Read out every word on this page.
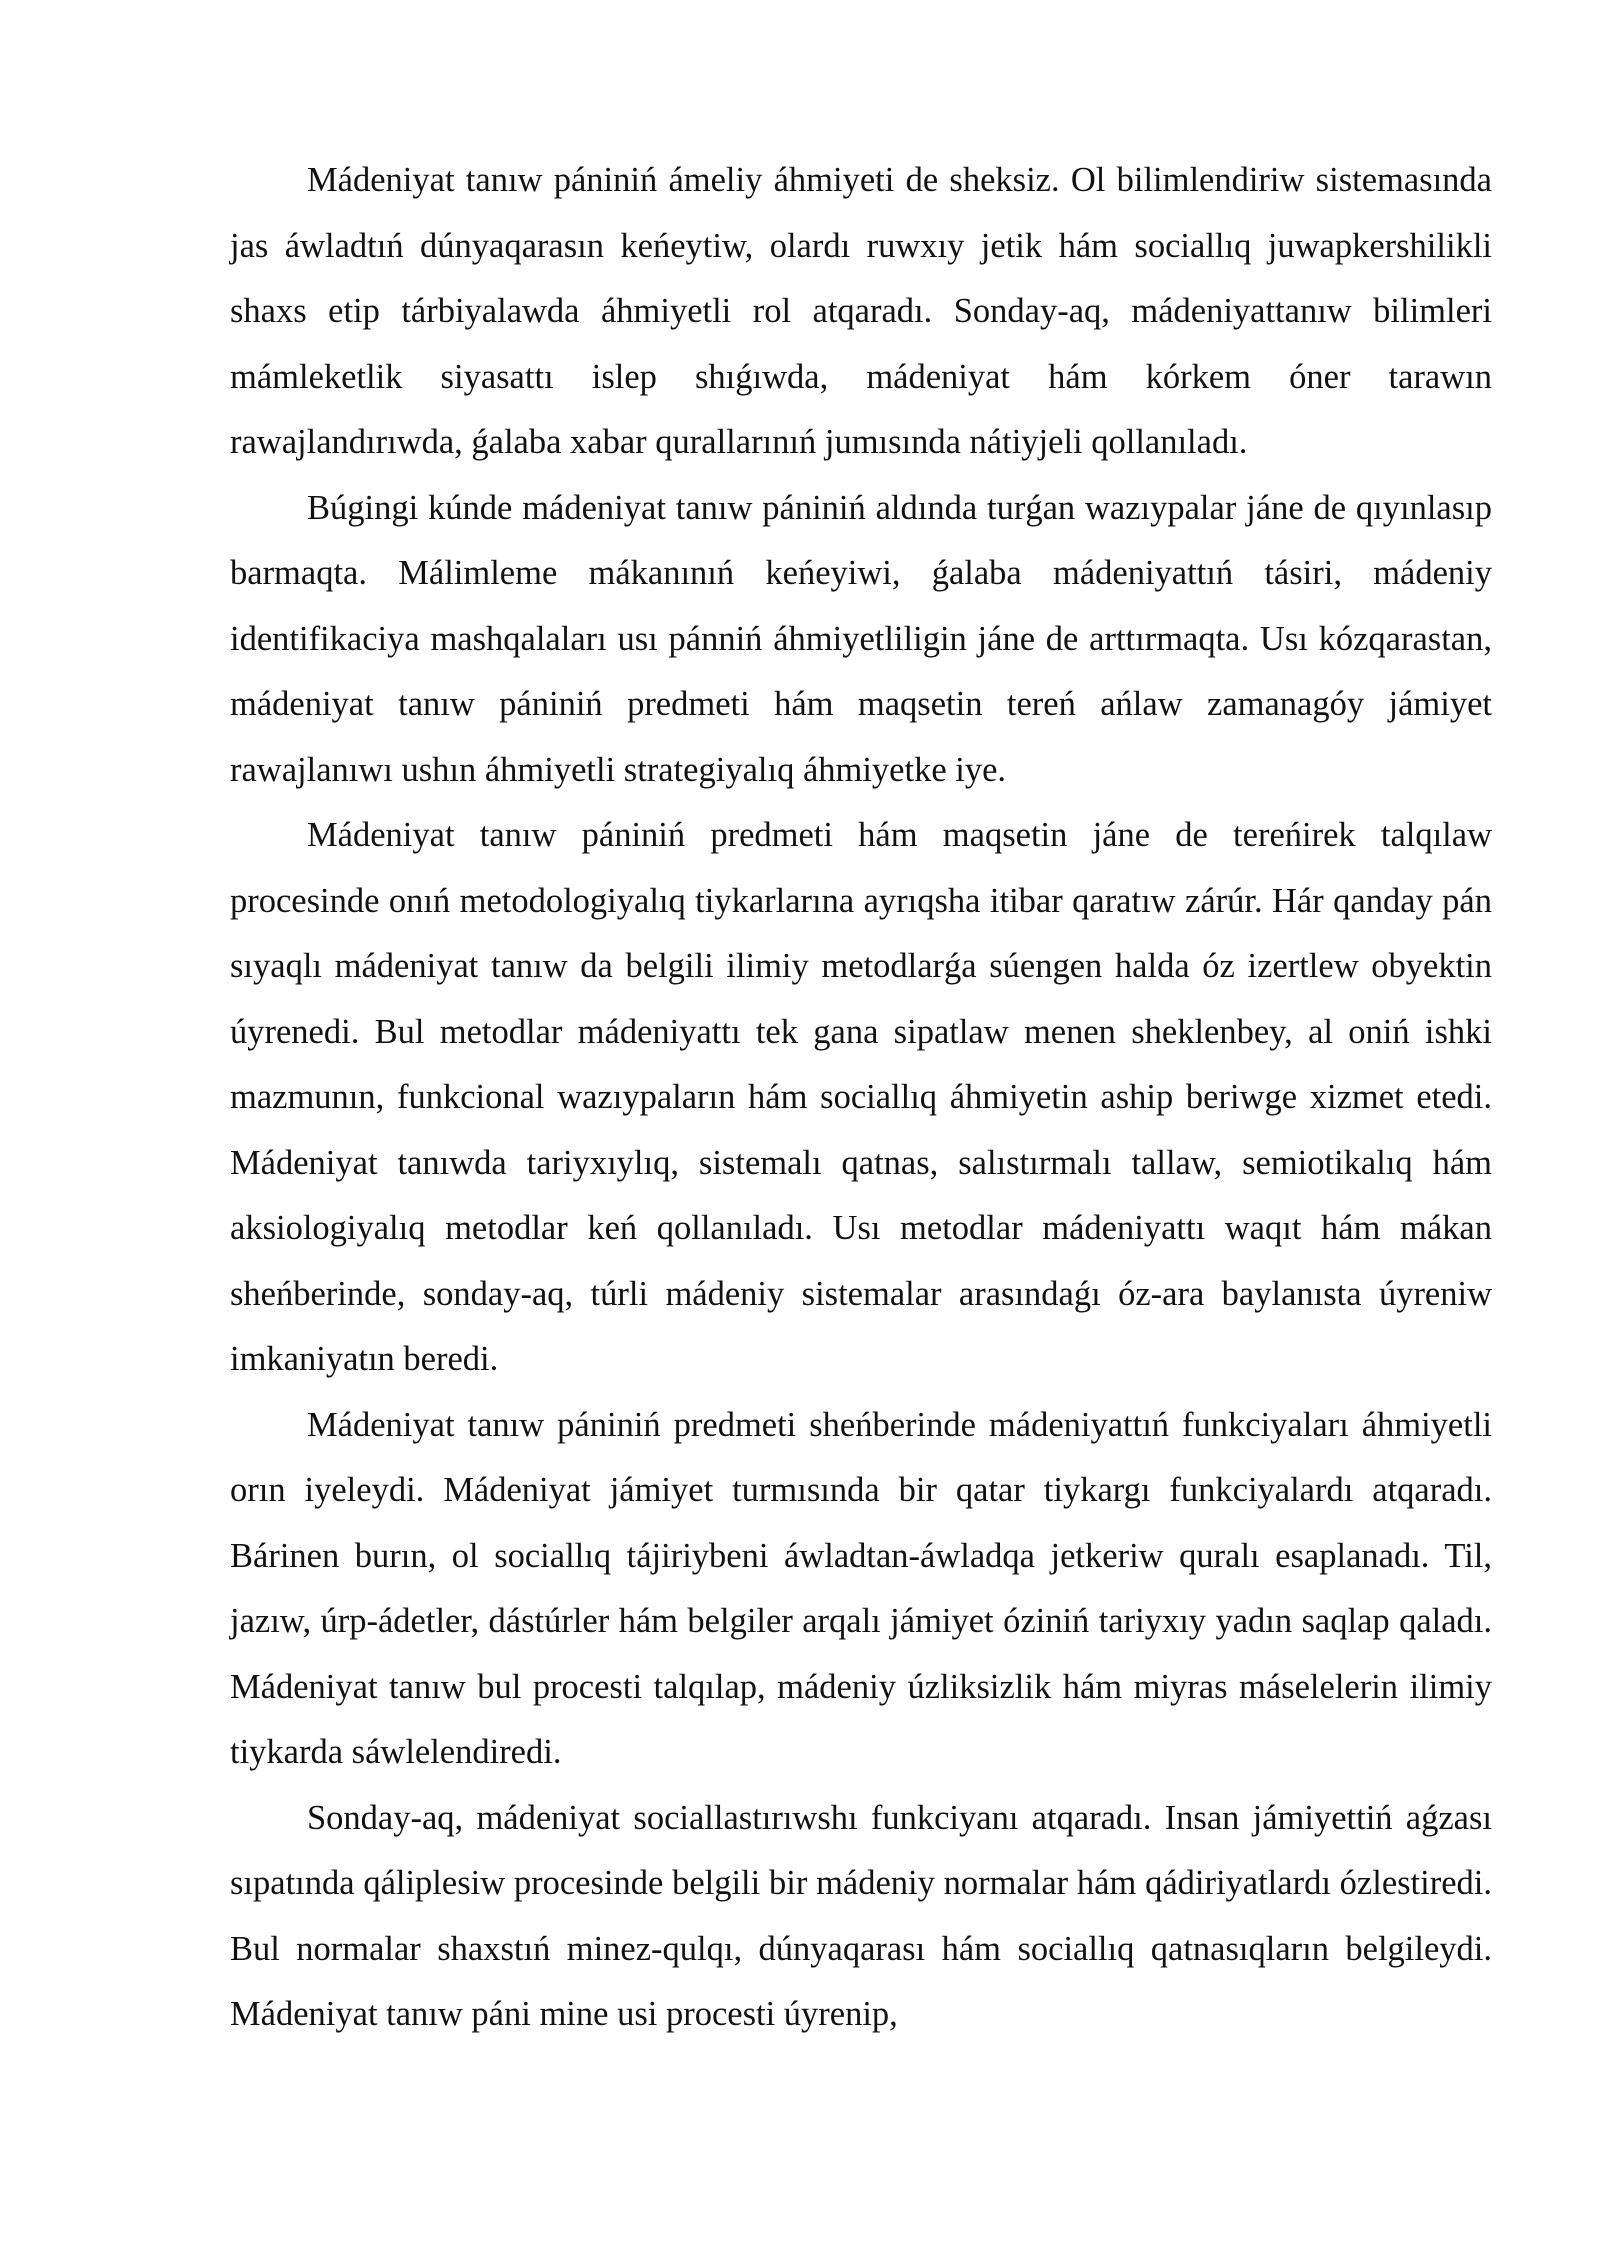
Mádeniyat tanıw pániniń ámeliy áhmiyeti de sheksiz. Ol bilimlendiriw sistemasında jas áwladtıń dúnyaqarasın keńeytiw, olardı ruwxıy jetik hám sociallıq juwapkershilikli shaxs etip tárbiyalawda áhmiyetli rol atqaradı. Sonday-aq, mádeniyattanıw bilimleri mámleketlik siyasattı islep shıǵıwda, mádeniyat hám kórkem óner tarawın rawajlandırıwda, ǵalaba xabar qurallarınıń jumısında nátiyjeli qollanıladı.

Búgingi kúnde mádeniyat tanıw pániniń aldında turǵan wazıypalar jáne de qıyınlasıp barmaqta. Málimleme mákanınıń keńeyiwi, ǵalaba mádeniyattıń tásiri, mádeniy identifikaciya mashqalaları usı pánniń áhmiyetliligin jáne de arttırmaqta. Usı kózqarastan, mádeniyat tanıw pániniń predmeti hám maqsetin tereń ańlaw zamanagóy jámiyet rawajlanıwı ushın áhmiyetli strategiyalıq áhmiyetke iye.

Mádeniyat tanıw pániniń predmeti hám maqsetin jáne de tereńirek talqılaw procesinde onıń metodologiyalıq tiykarlarına ayrıqsha itibar qaratıw zárúr. Hár qanday pán sıyaqlı mádeniyat tanıw da belgili ilimiy metodlarǵa súengen halda óz izertlew obyektin úyrenedi. Bul metodlar mádeniyattı tek gana sipatlaw menen sheklenbey, al oniń ishki mazmunın, funkcional wazıypaların hám sociallıq áhmiyetin aship beriwge xizmet etedi. Mádeniyat tanıwda tariyxıylıq, sistemalı qatnas, salıstırmalı tallaw, semiotikalıq hám aksiologiyalıq metodlar keń qollanıladı. Usı metodlar mádeniyattı waqıt hám mákan sheńberinde, sonday-aq, túrli mádeniy sistemalar arasındaǵı óz-ara baylanısta úyreniw imkaniyatın beredi.

Mádeniyat tanıw pániniń predmeti sheńberinde mádeniyattıń funkciyaları áhmiyetli orın iyeleydi. Mádeniyat jámiyet turmısında bir qatar tiykargı funkciyalardı atqaradı. Bárinen burın, ol sociallıq tájiriybeni áwladtan-áwladqa jetkeriw quralı esaplanadı. Til, jazıw, úrp-ádetler, dástúrler hám belgiler arqalı jámiyet óziniń tariyxıy yadın saqlap qaladı. Mádeniyat tanıw bul procesti talqılap, mádeniy úzliksizlik hám miyras máselelerin ilimiy tiykarda sáwlelendiredi.

Sonday-aq, mádeniyat sociallastırıwshı funkciyanı atqaradı. Insan jámiyettiń aǵzası sıpatında qáliplesiw procesinde belgili bir mádeniy normalar hám qádiriyatlardı ózlestiredi. Bul normalar shaxstıń minez-qulqı, dúnyaqarası hám sociallıq qatnasıqların belgileydi. Mádeniyat tanıw páni mine usi procesti úyrenip,
